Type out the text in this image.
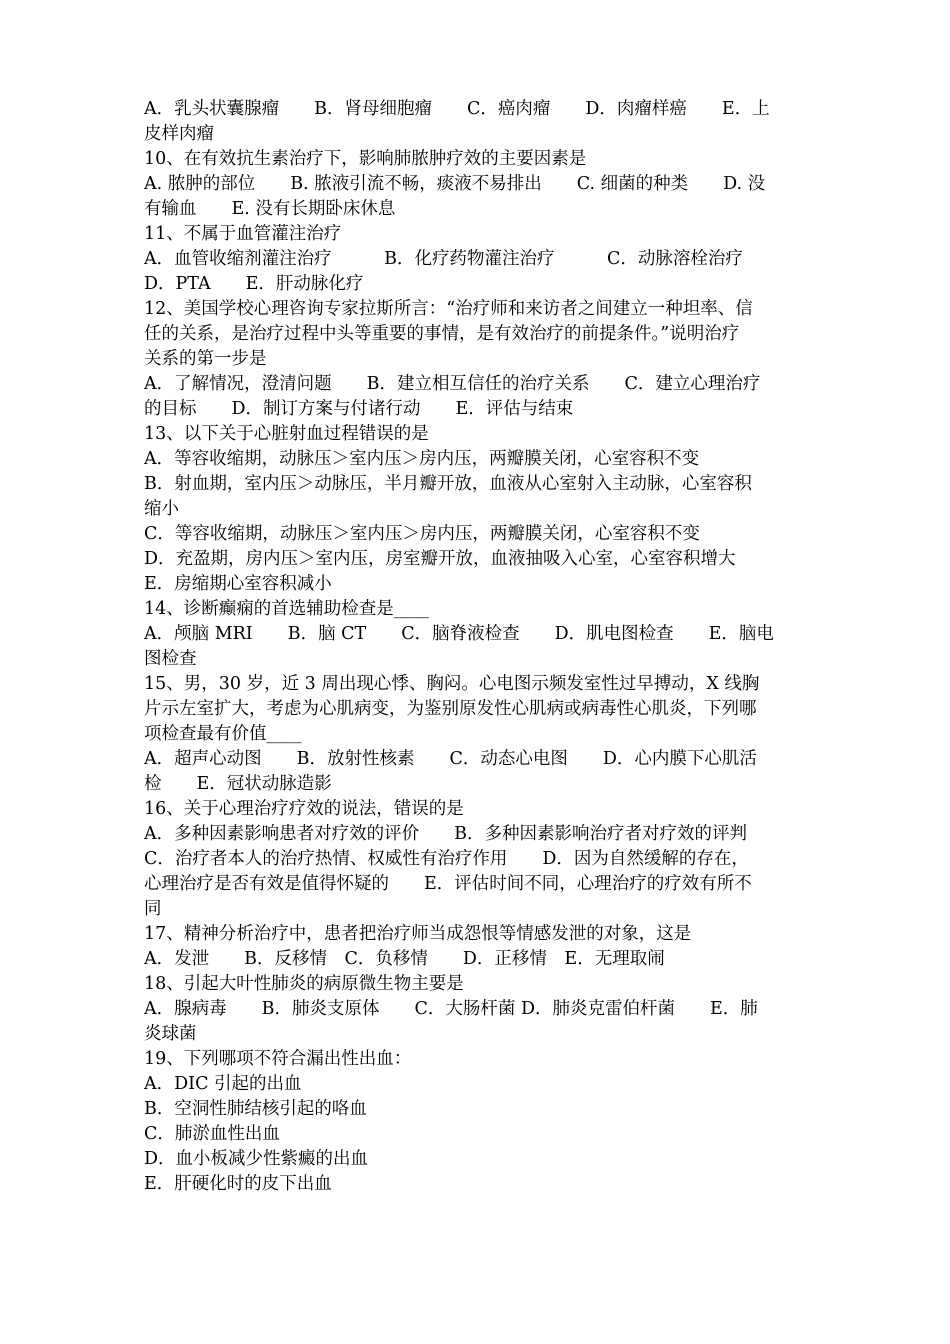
A．乳头状囊腺瘤　　B．肾母细胞瘤　　C．癌肉瘤　　D．肉瘤样癌　　E．上
皮样肉瘤
10、在有效抗生素治疗下，影响肺脓肿疗效的主要因素是
A. 脓肿的部位　　B. 脓液引流不畅，痰液不易排出　　C. 细菌的种类　　D. 没
有输血　　E. 没有长期卧床休息
11、不属于血管灌注治疗
A．血管收缩剂灌注治疗　　　B．化疗药物灌注治疗　　　C．动脉溶栓治疗
D．PTA　　E．肝动脉化疗
12、美国学校心理咨询专家拉斯所言：“治疗师和来访者之间建立一种坦率、信
任的关系，是治疗过程中头等重要的事情，是有效治疗的前提条件。”说明治疗
关系的第一步是
A．了解情况，澄清问题　　B．建立相互信任的治疗关系　　C．建立心理治疗
的目标　　D．制订方案与付诸行动　　E．评估与结束
13、以下关于心脏射血过程错误的是
A．等容收缩期，动脉压＞室内压＞房内压，两瓣膜关闭，心室容积不变
B．射血期，室内压＞动脉压，半月瓣开放，血液从心室射入主动脉，心室容积
缩小
C．等容收缩期，动脉压＞室内压＞房内压，两瓣膜关闭，心室容积不变
D．充盈期，房内压＞室内压，房室瓣开放，血液抽吸入心室，心室容积增大
E．房缩期心室容积减小
14、诊断癫痫的首选辅助检查是____
A．颅脑 MRI　　B．脑 CT　　C．脑脊液检查　　D．肌电图检查　　E．脑电
图检查
15、男，30 岁，近 3 周出现心悸、胸闷。心电图示频发室性过早搏动，X 线胸
片示左室扩大，考虑为心肌病变，为鉴别原发性心肌病或病毒性心肌炎，下列哪
项检查最有价值____
A．超声心动图　　B．放射性核素　　C．动态心电图　　D．心内膜下心肌活
检　　E．冠状动脉造影
16、关于心理治疗疗效的说法，错误的是
A．多种因素影响患者对疗效的评价　　B．多种因素影响治疗者对疗效的评判
C．治疗者本人的治疗热情、权威性有治疗作用　　D．因为自然缓解的存在，
心理治疗是否有效是值得怀疑的　　E．评估时间不同，心理治疗的疗效有所不
同
17、精神分析治疗中，患者把治疗师当成怨恨等情感发泄的对象，这是
A．发泄　　B．反移情　C．负移情　　D．正移情　E．无理取闹
18、引起大叶性肺炎的病原微生物主要是
A．腺病毒　　B．肺炎支原体　　C．大肠杆菌 D．肺炎克雷伯杆菌　　E．肺
炎球菌
19、下列哪项不符合漏出性出血：
A．DIC 引起的出血
B．空洞性肺结核引起的咯血
C．肺淤血性出血
D．血小板减少性紫癜的出血
E．肝硬化时的皮下出血
